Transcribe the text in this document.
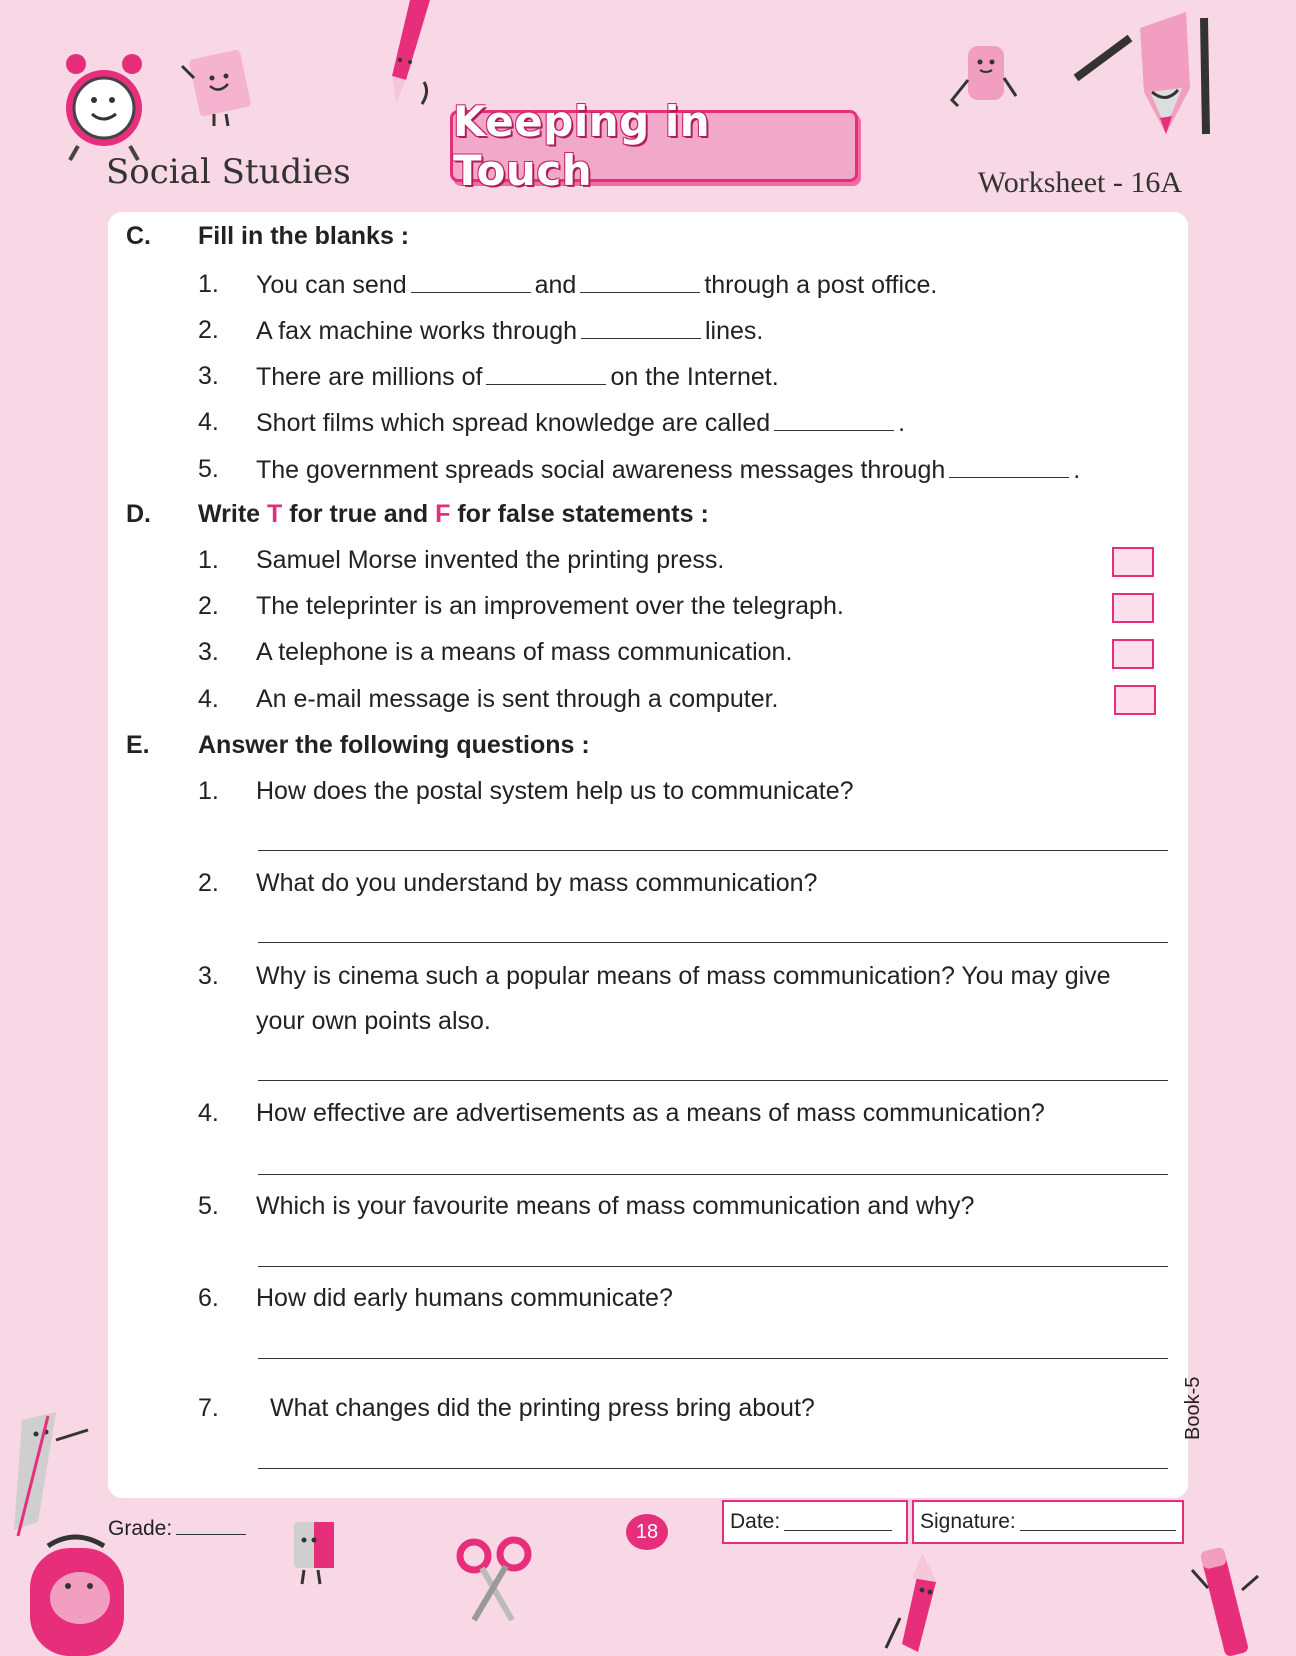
Social Studies
Keeping in Touch	Worksheet - 16A
C. Fill in the blanks :
1. You can send	and	through a post office.
2. A fax machine works through	lines.
3. There are millions of	on the Internet.
4. Short films which spread knowledge are called	.
5. The government spreads social awareness messages through	.
D. Write T for true and F for false statements :
1. Samuel Morse invented the printing press.
2. The teleprinter is an improvement over the telegraph.
3. A telephone is a means of mass communication.
4. An e-mail message is sent through a computer.
E. Answer the following questions :
1. How does the postal system help us to communicate?
2. What do you understand by mass communication?
3. Why is cinema such a popular means of mass communication? You may give
your own points also.
4. How effective are advertisements as a means of mass communication?
5. Which is your favourite means of mass communication and why?
6. How did early humans communicate?
7. What changes did the printing press bring about?	Book-5
Grade:	18	Date:	Signature:
